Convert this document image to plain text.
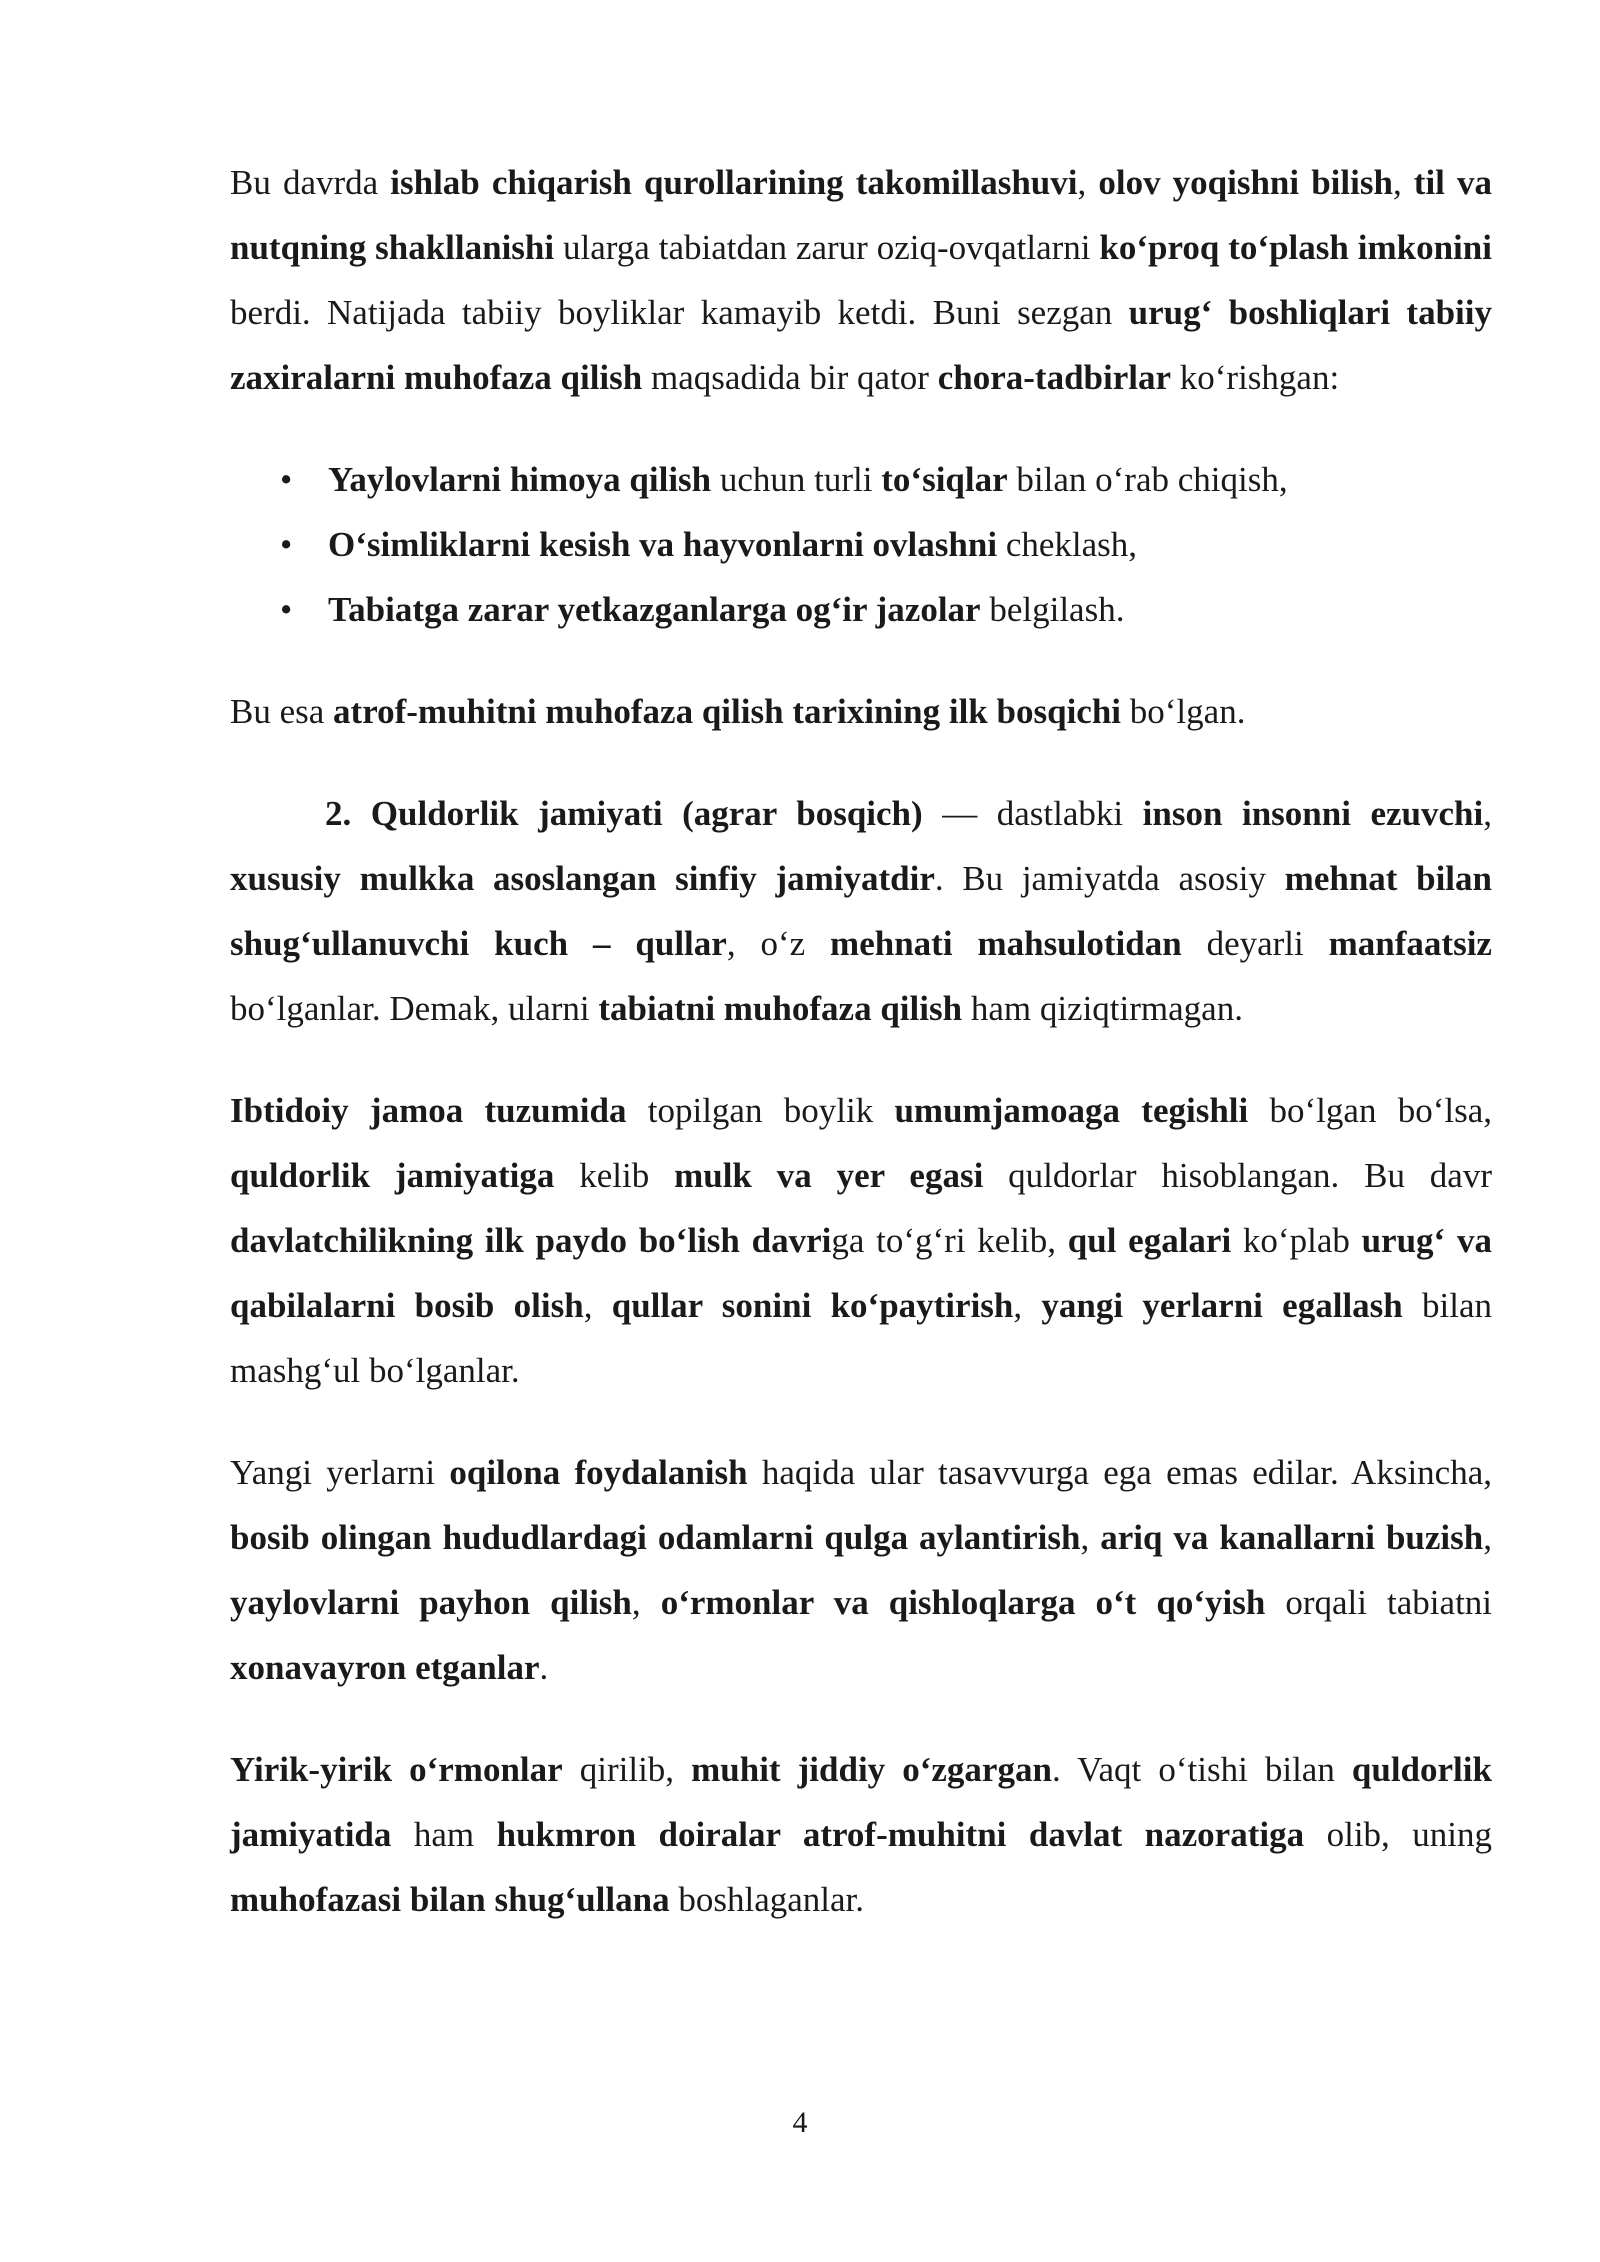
Bu davrda ishlab chiqarish qurollarining takomillashuvi, olov yoqishni bilish, til va nutqning shakllanishi ularga tabiatdan zarur oziq-ovqatlarni ko‘proq to‘plash imkonini berdi. Natijada tabiiy boyliklar kamayib ketdi. Buni sezgan urug‘ boshliqlari tabiiy zaxiralarni muhofaza qilish maqsadida bir qator chora-tadbirlar ko‘rishgan:

• Yaylovlarni himoya qilish uchun turli to‘siqlar bilan o‘rab chiqish,
• O‘simliklarni kesish va hayvonlarni ovlashni cheklash,
• Tabiatga zarar yetkazganlarga og‘ir jazolar belgilash.

Bu esa atrof-muhitni muhofaza qilish tarixining ilk bosqichi bo‘lgan.

2. Quldorlik jamiyati (agrar bosqich) — dastlabki inson insonni ezuvchi, xususiy mulkka asoslangan sinfiy jamiyatdir. Bu jamiyatda asosiy mehnat bilan shug‘ullanuvchi kuch – qullar, o‘z mehnati mahsulotidan deyarli manfaatsiz bo‘lganlar. Demak, ularni tabiatni muhofaza qilish ham qiziqtirmagan.

Ibtidoiy jamoa tuzumida topilgan boylik umumjamoaga tegishli bo‘lgan bo‘lsa, quldorlik jamiyatiga kelib mulk va yer egasi quldorlar hisoblangan. Bu davr davlatchilikning ilk paydo bo‘lish davriga to‘g‘ri kelib, qul egalari ko‘plab urug‘ va qabilalarni bosib olish, qullar sonini ko‘paytirish, yangi yerlarni egallash bilan mashg‘ul bo‘lganlar.

Yangi yerlarni oqilona foydalanish haqida ular tasavvurga ega emas edilar. Aksincha, bosib olingan hududlardagi odamlarni qulga aylantirish, ariq va kanallarni buzish, yaylovlarni payhon qilish, o‘rmonlar va qishloqlarga o‘t qo‘yish orqali tabiatni xonavayron etganlar.

Yirik-yirik o‘rmonlar qirilib, muhit jiddiy o‘zgargan. Vaqt o‘tishi bilan quldorlik jamiyatida ham hukmron doiralar atrof-muhitni davlat nazoratiga olib, uning muhofazasi bilan shug‘ullana boshlaganlar.

4
